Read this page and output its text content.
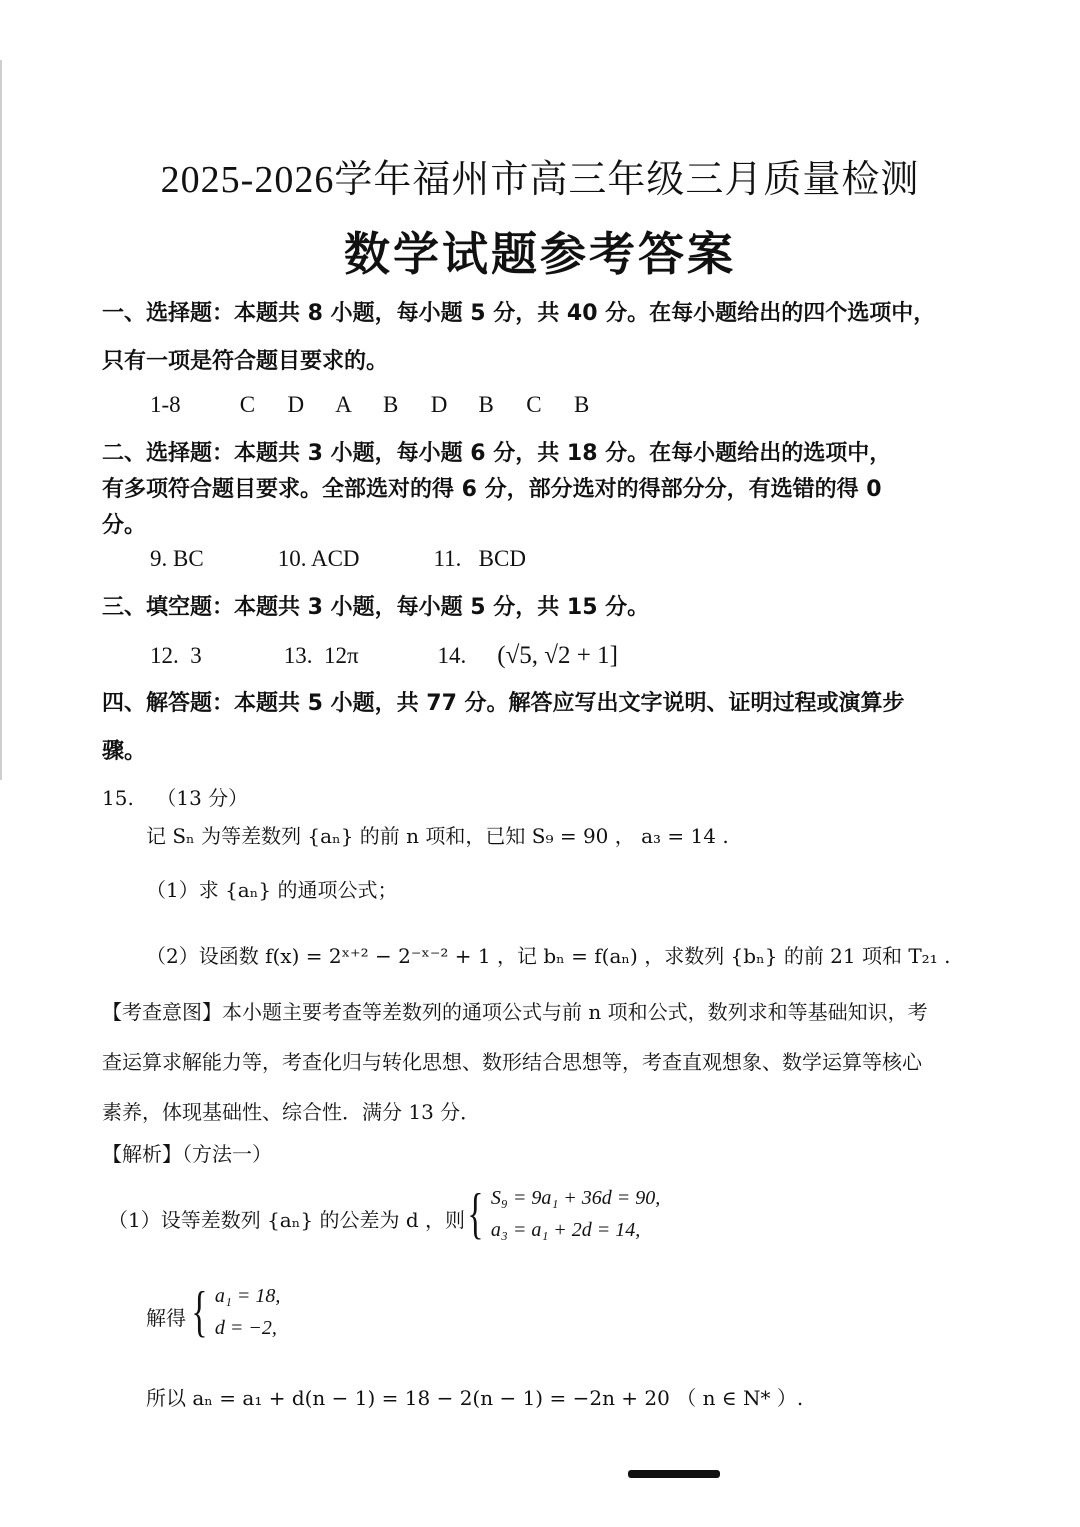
2025-2026学年福州市高三年级三月质量检测
数学试题参考答案
一、选择题：本题共 8 小题，每小题 5 分，共 40 分。在每小题给出的四个选项中，
只有一项是符合题目要求的。
1-8	C D A B D B C B
二、选择题：本题共 3 小题，每小题 6 分，共 18 分。在每小题给出的选项中，
有多项符合题目要求。全部选对的得 6 分，部分选对的得部分分，有选错的得 0
分。
9. BC	10. ACD	11.   BCD
三、填空题：本题共 3 小题，每小题 5 分，共 15 分。
12.  3	13.  12π	14. (√5, √2 + 1]
四、解答题：本题共 5 小题，共 77 分。解答应写出文字说明、证明过程或演算步
骤。
15. （13 分）
记 Sₙ 为等差数列 {aₙ} 的前 n 项和，已知 S₉ = 90 ， a₃ = 14 .
（1）求 {aₙ} 的通项公式；
（2）设函数 f(x) = 2ˣ⁺² − 2⁻ˣ⁻² + 1 ，记 bₙ = f(aₙ) ，求数列 {bₙ} 的前 21 项和 T₂₁ .
【考查意图】本小题主要考查等差数列的通项公式与前 n 项和公式，数列求和等基础知识，考
查运算求解能力等，考查化归与转化思想、数形结合思想等，考查直观想象、数学运算等核心
素养，体现基础性、综合性．满分 13 分．
【解析】（方法一）
（1）设等差数列 {aₙ} 的公差为 d ，则 { S₉ = 9a₁ + 36d = 90,
a₃ = a₁ + 2d = 14,
解得 { a₁ = 18,
d = −2,
所以 aₙ = a₁ + d(n − 1) = 18 − 2(n − 1) = −2n + 20 （ n ∈ N* ）.
